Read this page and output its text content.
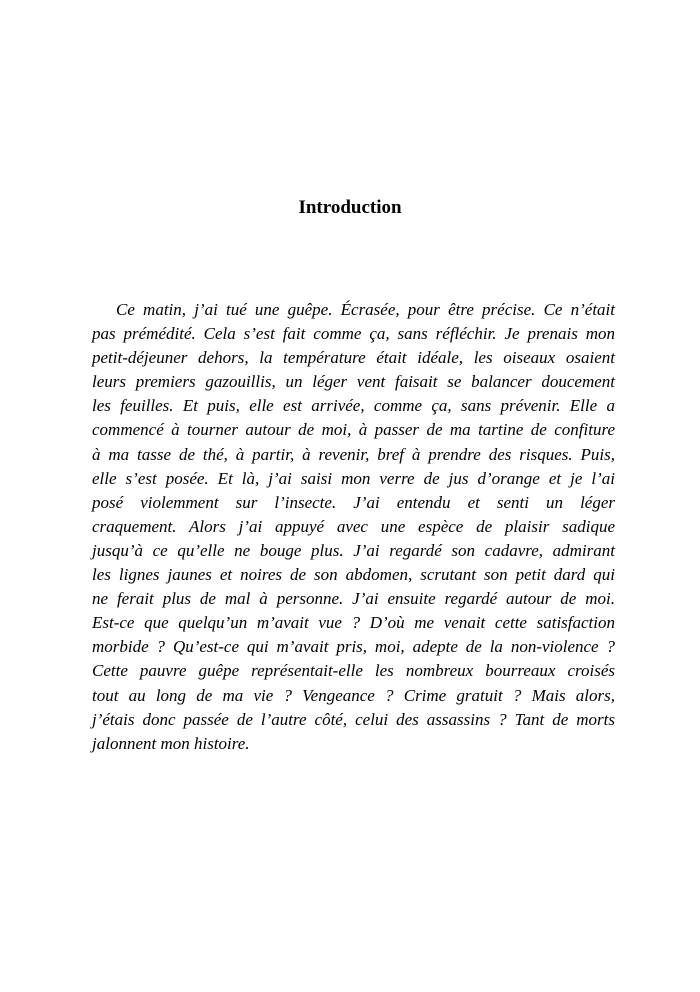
Introduction
Ce matin, j’ai tué une guêpe. Écrasée, pour être précise. Ce n’était
pas prémédité. Cela s’est fait comme ça, sans réfléchir. Je prenais mon
petit-déjeuner dehors, la température était idéale, les oiseaux osaient
leurs premiers gazouillis, un léger vent faisait se balancer doucement
les feuilles. Et puis, elle est arrivée, comme ça, sans prévenir. Elle a
commencé à tourner autour de moi, à passer de ma tartine de confiture
à ma tasse de thé, à partir, à revenir, bref à prendre des risques. Puis,
elle s’est posée. Et là, j’ai saisi mon verre de jus d’orange et je l’ai
posé violemment sur l’insecte. J’ai entendu et senti un léger
craquement. Alors j’ai appuyé avec une espèce de plaisir sadique
jusqu’à ce qu’elle ne bouge plus. J’ai regardé son cadavre, admirant
les lignes jaunes et noires de son abdomen, scrutant son petit dard qui
ne ferait plus de mal à personne. J’ai ensuite regardé autour de moi.
Est-ce que quelqu’un m’avait vue ? D’où me venait cette satisfaction
morbide ? Qu’est-ce qui m’avait pris, moi, adepte de la non-violence ?
Cette pauvre guêpe représentait-elle les nombreux bourreaux croisés
tout au long de ma vie ? Vengeance ? Crime gratuit ? Mais alors,
j’étais donc passée de l’autre côté, celui des assassins ? Tant de morts
jalonnent mon histoire.
